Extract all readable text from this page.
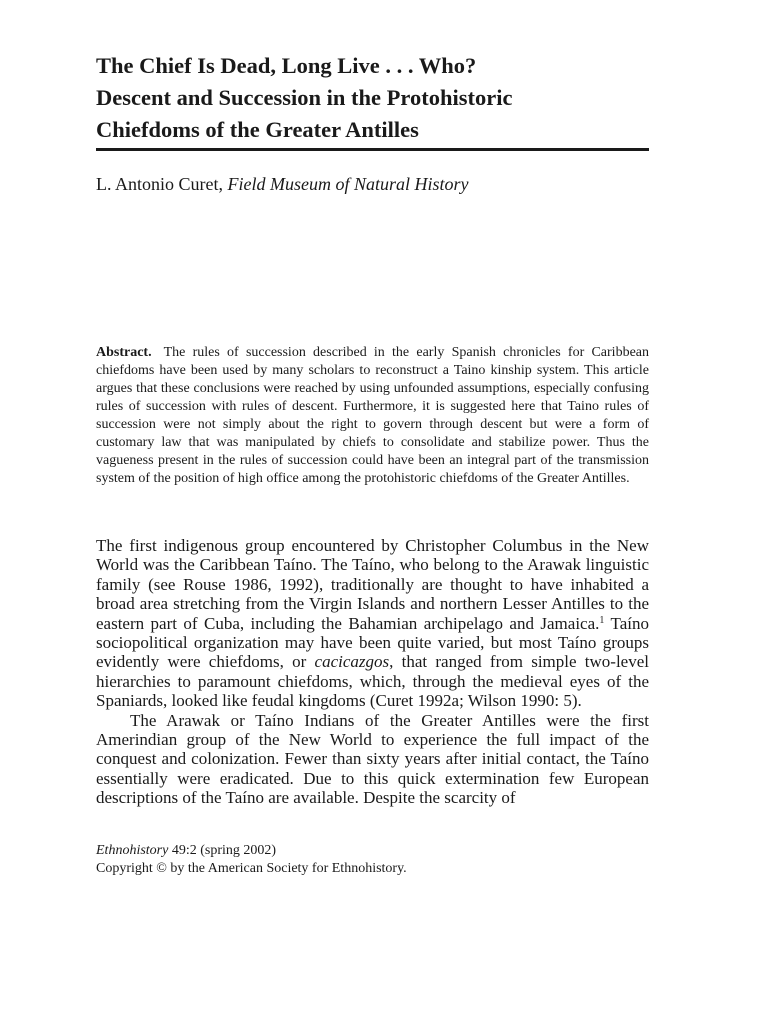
The Chief Is Dead, Long Live . . . Who?
Descent and Succession in the Protohistoric
Chiefdoms of the Greater Antilles
L. Antonio Curet, Field Museum of Natural History

Abstract. The rules of succession described in the early Spanish chronicles for Caribbean chiefdoms have been used by many scholars to reconstruct a Taino kinship system. This article argues that these conclusions were reached by using unfounded assumptions, especially confusing rules of succession with rules of descent. Furthermore, it is suggested here that Taino rules of succession were not simply about the right to govern through descent but were a form of customary law that was manipulated by chiefs to consolidate and stabilize power. Thus the vagueness present in the rules of succession could have been an integral part of the transmission system of the position of high office among the protohistoric chiefdoms of the Greater Antilles.

The first indigenous group encountered by Christopher Columbus in the New World was the Caribbean Taíno. The Taíno, who belong to the Arawak linguistic family (see Rouse 1986, 1992), traditionally are thought to have inhabited a broad area stretching from the Virgin Islands and northern Lesser Antilles to the eastern part of Cuba, including the Bahamian archipelago and Jamaica.$^1$ Taíno sociopolitical organization may have been quite varied, but most Taíno groups evidently were chiefdoms, or cacicazgos, that ranged from simple two-level hierarchies to paramount chiefdoms, which, through the medieval eyes of the Spaniards, looked like feudal kingdoms (Curet 1992a; Wilson 1990: 5).

The Arawak or Taíno Indians of the Greater Antilles were the first Amerindian group of the New World to experience the full impact of the conquest and colonization. Fewer than sixty years after initial contact, the Taíno essentially were eradicated. Due to this quick extermination few European descriptions of the Taíno are available. Despite the scarcity of

Ethnohistory 49:2 (spring 2002)
Copyright © by the American Society for Ethnohistory.
